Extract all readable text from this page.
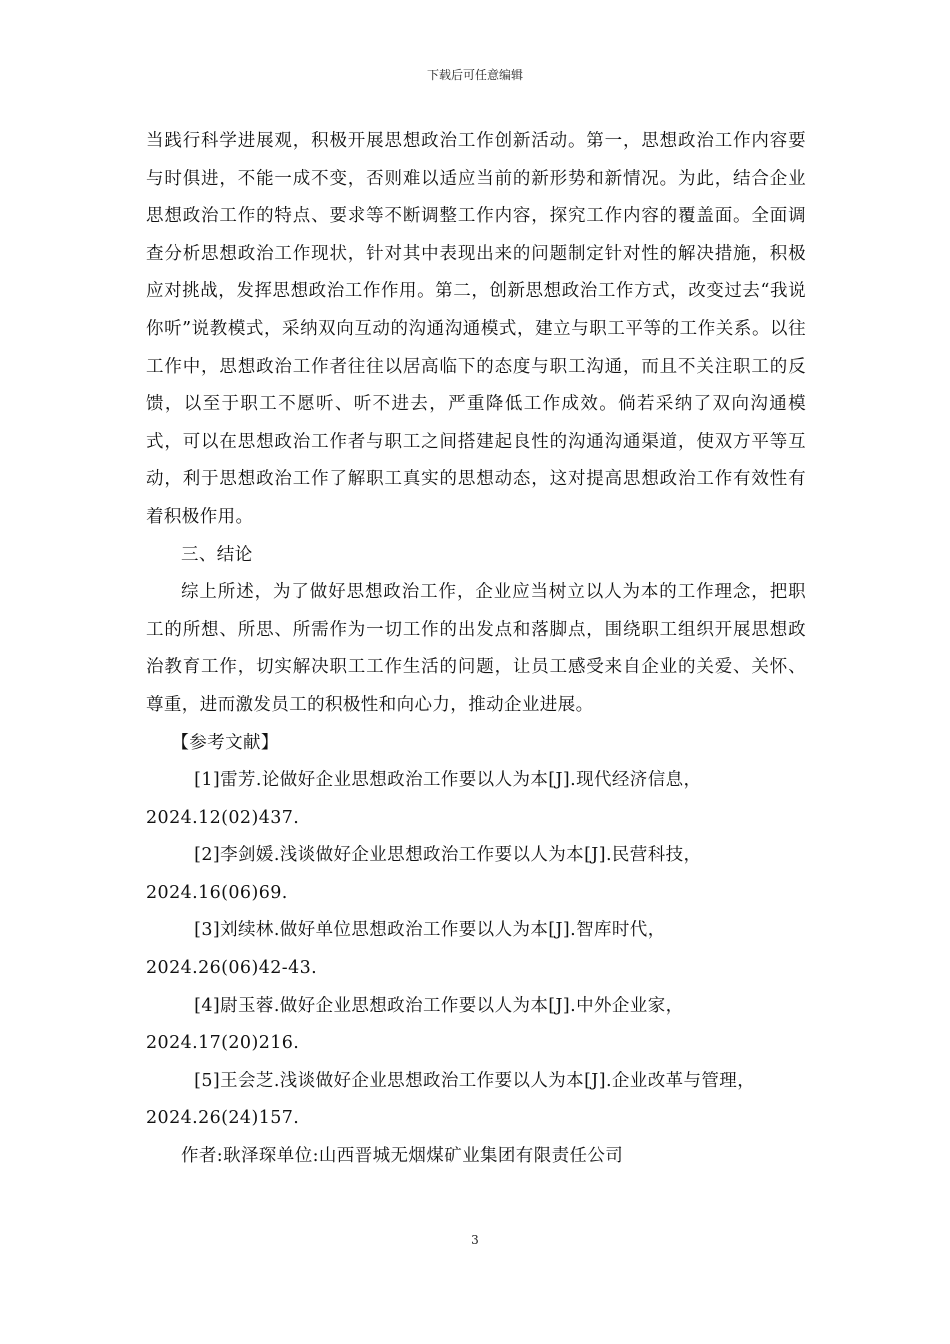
下载后可任意编辑

当践行科学进展观，积极开展思想政治工作创新活动。第一，思想政治工作内容要与时俱进，不能一成不变，否则难以适应当前的新形势和新情况。为此，结合企业思想政治工作的特点、要求等不断调整工作内容，探究工作内容的覆盖面。全面调查分析思想政治工作现状，针对其中表现出来的问题制定针对性的解决措施，积极应对挑战，发挥思想政治工作作用。第二，创新思想政治工作方式，改变过去“我说你听”说教模式，采纳双向互动的沟通沟通模式，建立与职工平等的工作关系。以往工作中，思想政治工作者往往以居高临下的态度与职工沟通，而且不关注职工的反馈，以至于职工不愿听、听不进去，严重降低工作成效。倘若采纳了双向沟通模式，可以在思想政治工作者与职工之间搭建起良性的沟通沟通渠道，使双方平等互动，利于思想政治工作了解职工真实的思想动态，这对提高思想政治工作有效性有着积极作用。

三、结论

综上所述，为了做好思想政治工作，企业应当树立以人为本的工作理念，把职工的所想、所思、所需作为一切工作的出发点和落脚点，围绕职工组织开展思想政治教育工作，切实解决职工工作生活的问题，让员工感受来自企业的关爱、关怀、尊重，进而激发员工的积极性和向心力，推动企业进展。

【参考文献】

[1]雷芳.论做好企业思想政治工作要以人为本[J].现代经济信息，
2024.12(02)437.

[2]李剑媛.浅谈做好企业思想政治工作要以人为本[J].民营科技，
2024.16(06)69.

[3]刘续林.做好单位思想政治工作要以人为本[J].智库时代，
2024.26(06)42-43.

[4]尉玉蓉.做好企业思想政治工作要以人为本[J].中外企业家，
2024.17(20)216.

[5]王会芝.浅谈做好企业思想政治工作要以人为本[J].企业改革与管理，
2024.26(24)157.

作者:耿泽琛单位:山西晋城无烟煤矿业集团有限责任公司

3
